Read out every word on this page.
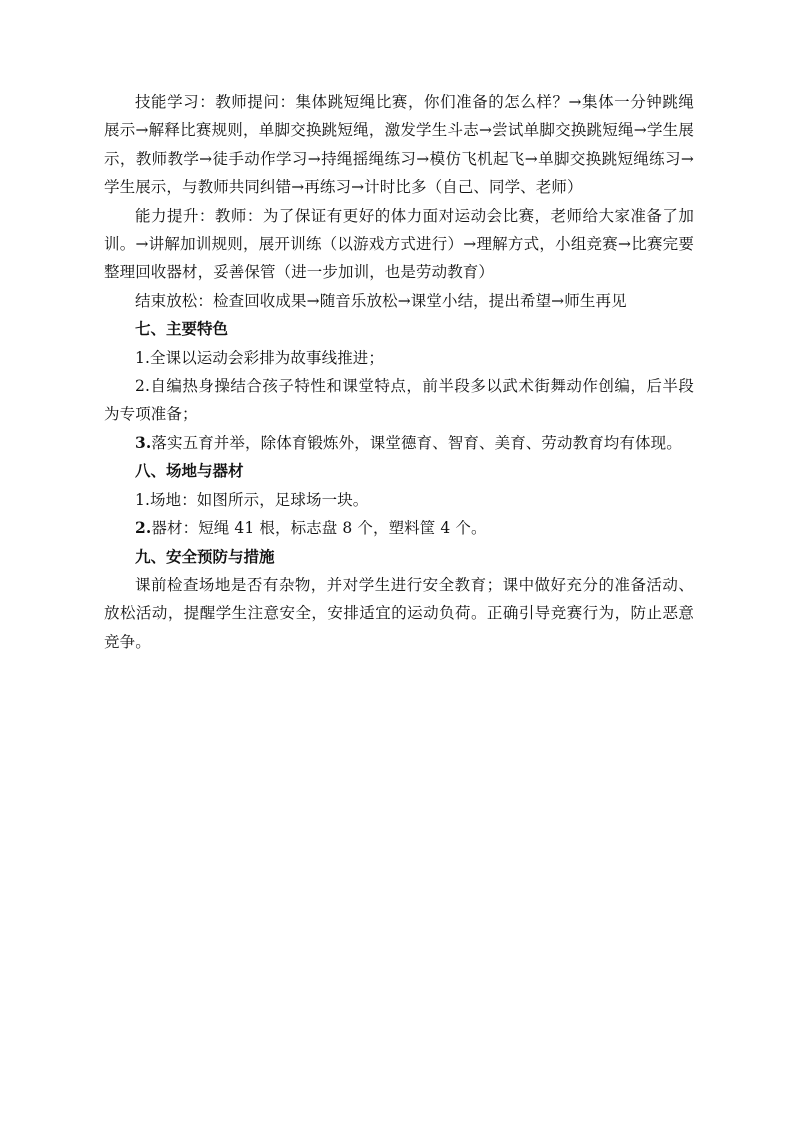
技能学习：教师提问：集体跳短绳比赛，你们准备的怎么样？→集体一分钟跳绳展示→解释比赛规则，单脚交换跳短绳，激发学生斗志→尝试单脚交换跳短绳→学生展示，教师教学→徒手动作学习→持绳摇绳练习→模仿飞机起飞→单脚交换跳短绳练习→学生展示，与教师共同纠错→再练习→计时比多（自己、同学、老师）

能力提升：教师：为了保证有更好的体力面对运动会比赛，老师给大家准备了加训。→讲解加训规则，展开训练（以游戏方式进行）→理解方式，小组竞赛→比赛完要整理回收器材，妥善保管（进一步加训，也是劳动教育）

结束放松：检查回收成果→随音乐放松→课堂小结，提出希望→师生再见

七、主要特色

1.全课以运动会彩排为故事线推进；

2.自编热身操结合孩子特性和课堂特点，前半段多以武术街舞动作创编，后半段为专项准备；

3.落实五育并举，除体育锻炼外，课堂德育、智育、美育、劳动教育均有体现。

八、场地与器材

1.场地：如图所示，足球场一块。

2.器材：短绳 41 根，标志盘 8 个，塑料筐 4 个。

九、安全预防与措施

课前检查场地是否有杂物，并对学生进行安全教育；课中做好充分的准备活动、放松活动，提醒学生注意安全，安排适宜的运动负荷。正确引导竞赛行为，防止恶意竞争。
